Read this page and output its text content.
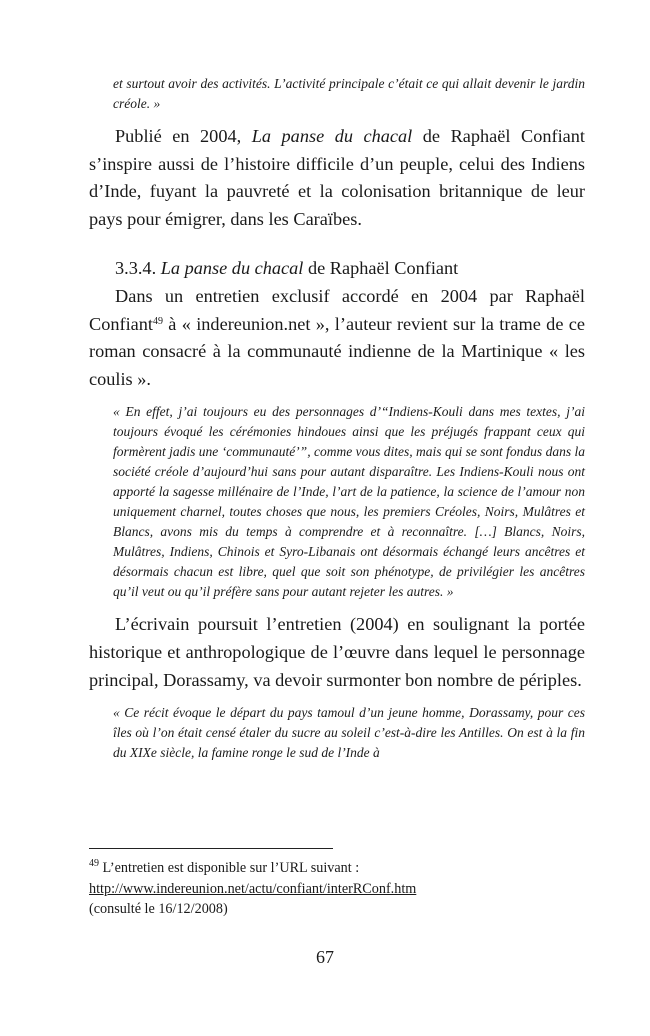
et surtout avoir des activités. L’activité principale c’était ce qui allait devenir le jardin créole. »

Publié en 2004, La panse du chacal de Raphaël Confiant s’inspire aussi de l’histoire difficile d’un peuple, celui des Indiens d’Inde, fuyant la pauvreté et la colonisation britannique de leur pays pour émigrer, dans les Caraïbes.

3.3.4. La panse du chacal de Raphaël Confiant

Dans un entretien exclusif accordé en 2004 par Raphaël Confiant$^{49}$ à « indereunion.net », l’auteur revient sur la trame de ce roman consacré à la communauté indienne de la Martinique « les coulis ».

« En effet, j’ai toujours eu des personnages d’“Indiens-Kouli dans mes textes, j’ai toujours évoqué les cérémonies hindoues ainsi que les préjugés frappant ceux qui formèrent jadis une ‘communauté’”, comme vous dites, mais qui se sont fondus dans la société créole d’aujourd’hui sans pour autant disparaître. Les Indiens-Kouli nous ont apporté la sagesse millénaire de l’Inde, l’art de la patience, la science de l’amour non uniquement charnel, toutes choses que nous, les premiers Créoles, Noirs, Mulâtres et Blancs, avons mis du temps à comprendre et à reconnaître. […] Blancs, Noirs, Mulâtres, Indiens, Chinois et Syro-Libanais ont désormais échangé leurs ancêtres et désormais chacun est libre, quel que soit son phénotype, de privilégier les ancêtres qu’il veut ou qu’il préfère sans pour autant rejeter les autres. »

L’écrivain poursuit l’entretien (2004) en soulignant la portée historique et anthropologique de l’œuvre dans lequel le personnage principal, Dorassamy, va devoir surmonter bon nombre de périples.

« Ce récit évoque le départ du pays tamoul d’un jeune homme, Dorassamy, pour ces îles où l’on était censé étaler du sucre au soleil c’est-à-dire les Antilles. On est à la fin du XIXe siècle, la famine ronge le sud de l’Inde à

$^{49}$ L’entretien est disponible sur l’URL suivant :
http://www.indereunion.net/actu/confiant/interRConf.htm
(consulté le 16/12/2008)
67
